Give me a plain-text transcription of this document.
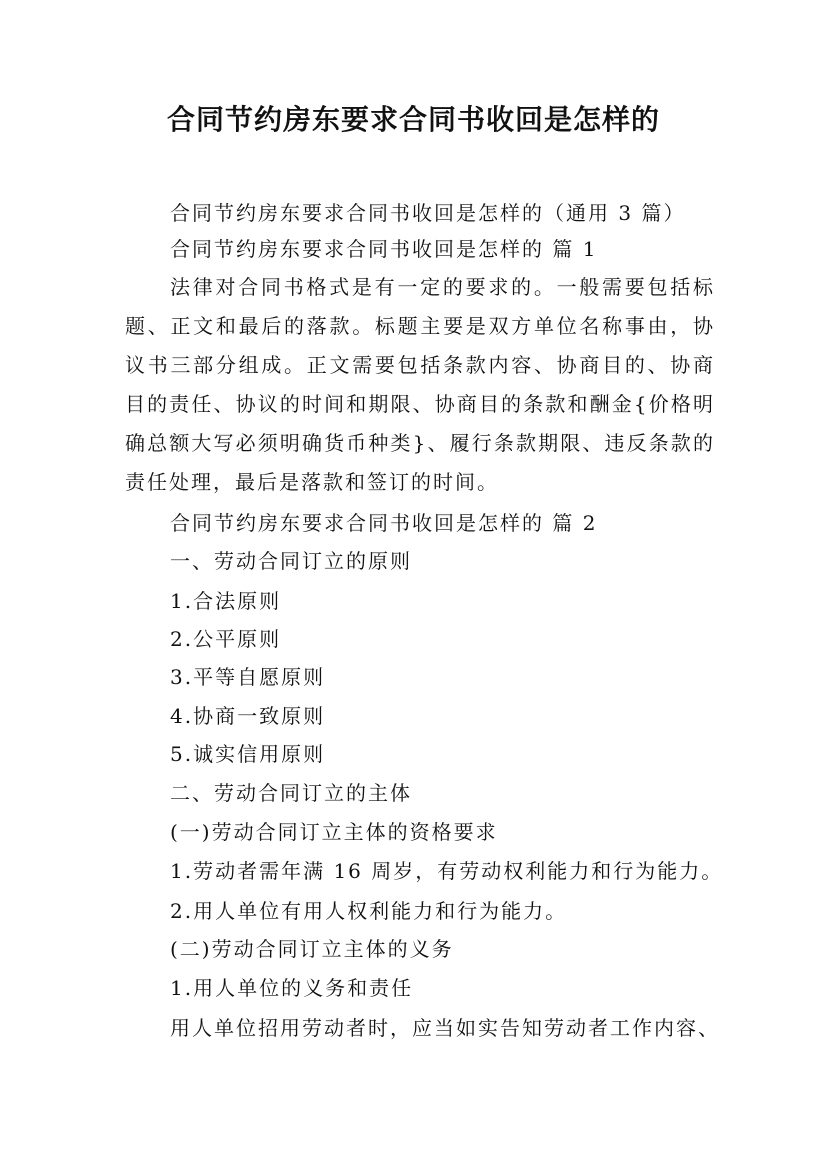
合同节约房东要求合同书收回是怎样的
合同节约房东要求合同书收回是怎样的（通用 3 篇）
合同节约房东要求合同书收回是怎样的 篇 1
法律对合同书格式是有一定的要求的。一般需要包括标题、正文和最后的落款。标题主要是双方单位名称事由，协议书三部分组成。正文需要包括条款内容、协商目的、协商目的责任、协议的时间和期限、协商目的条款和酬金{价格明确总额大写必须明确货币种类}、履行条款期限、违反条款的责任处理，最后是落款和签订的时间。
合同节约房东要求合同书收回是怎样的 篇 2
一、劳动合同订立的原则
1.合法原则
2.公平原则
3.平等自愿原则
4.协商一致原则
5.诚实信用原则
二、劳动合同订立的主体
(一)劳动合同订立主体的资格要求
1.劳动者需年满 16 周岁，有劳动权利能力和行为能力。
2.用人单位有用人权利能力和行为能力。
(二)劳动合同订立主体的义务
1.用人单位的义务和责任
用人单位招用劳动者时，应当如实告知劳动者工作内容、
